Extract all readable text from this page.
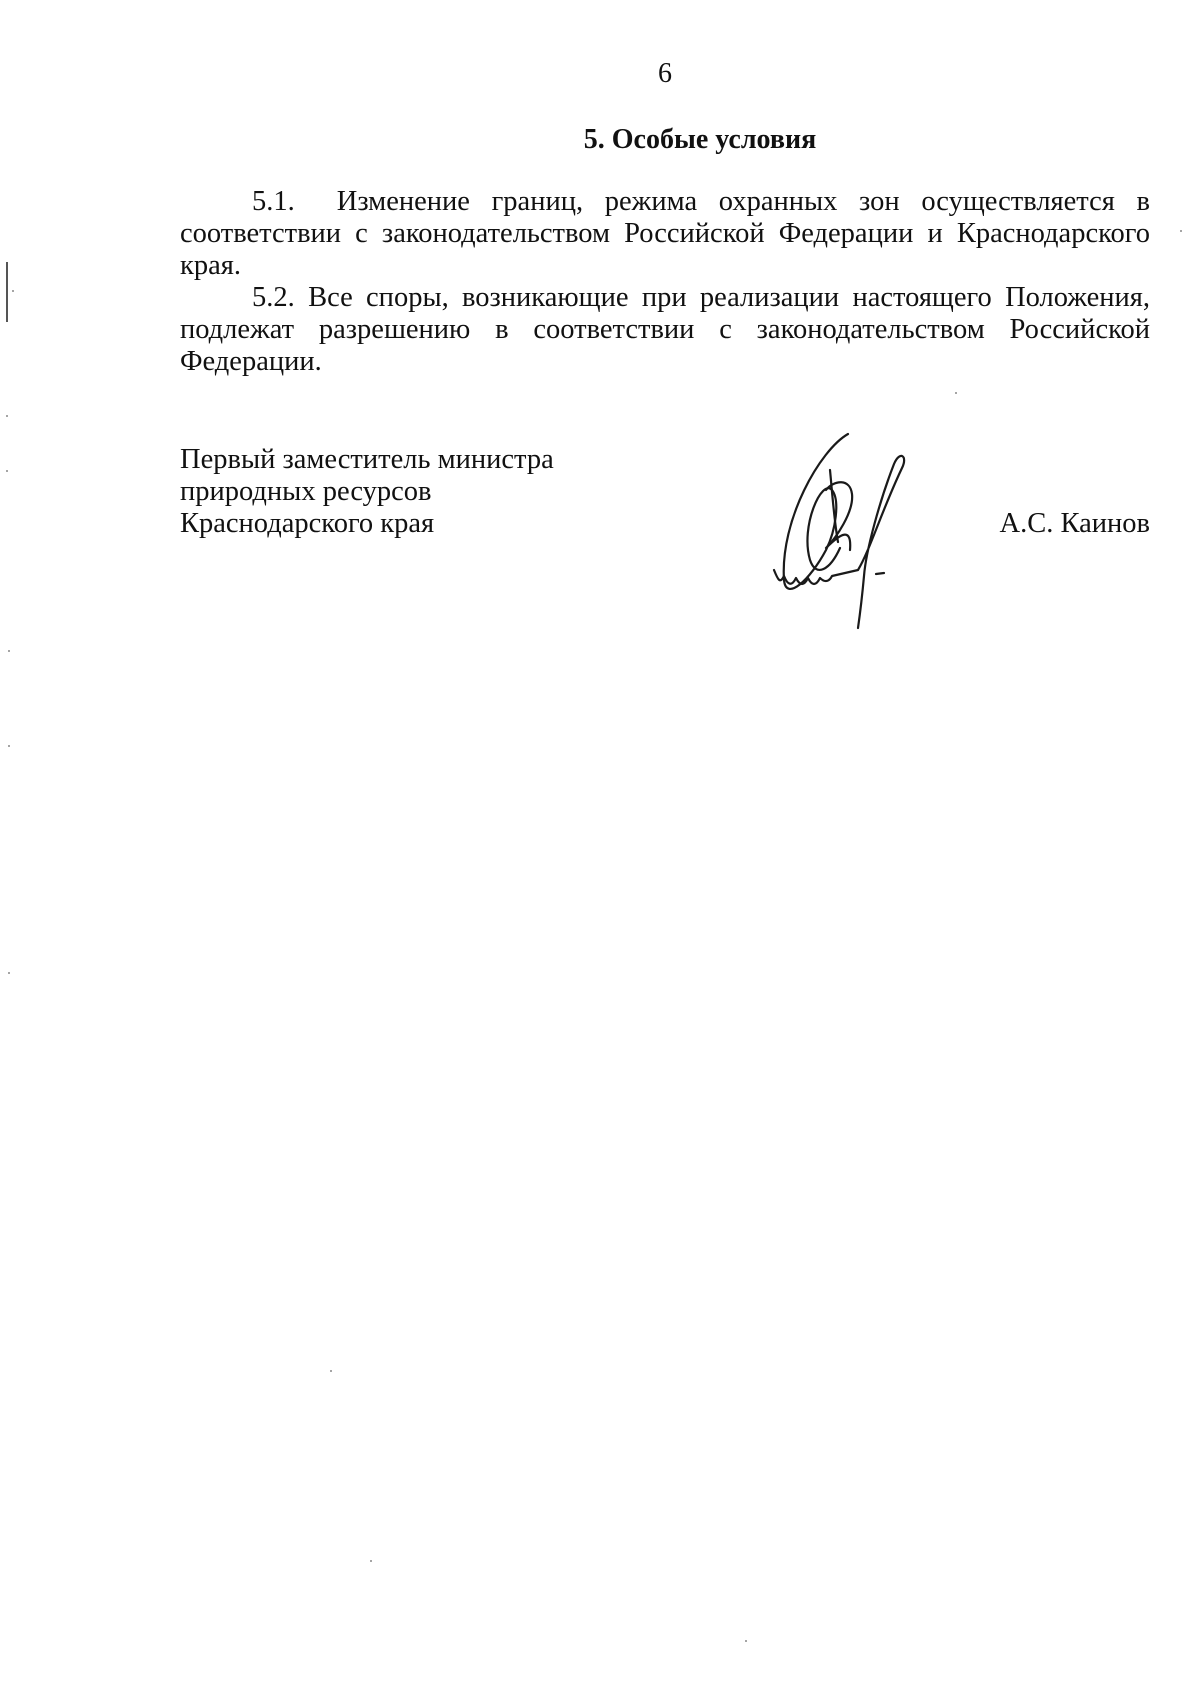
6
5. Особые условия

5.1. Изменение границ, режима охранных зон осуществляется в соответствии с законодательством Российской Федерации и Краснодарского края.

5.2. Все споры, возникающие при реализации настоящего Положения, подлежат разрешению в соответствии с законодательством Российской Федерации.

Первый заместитель министра
природных ресурсов
Краснодарского края	А.С. Каинов
